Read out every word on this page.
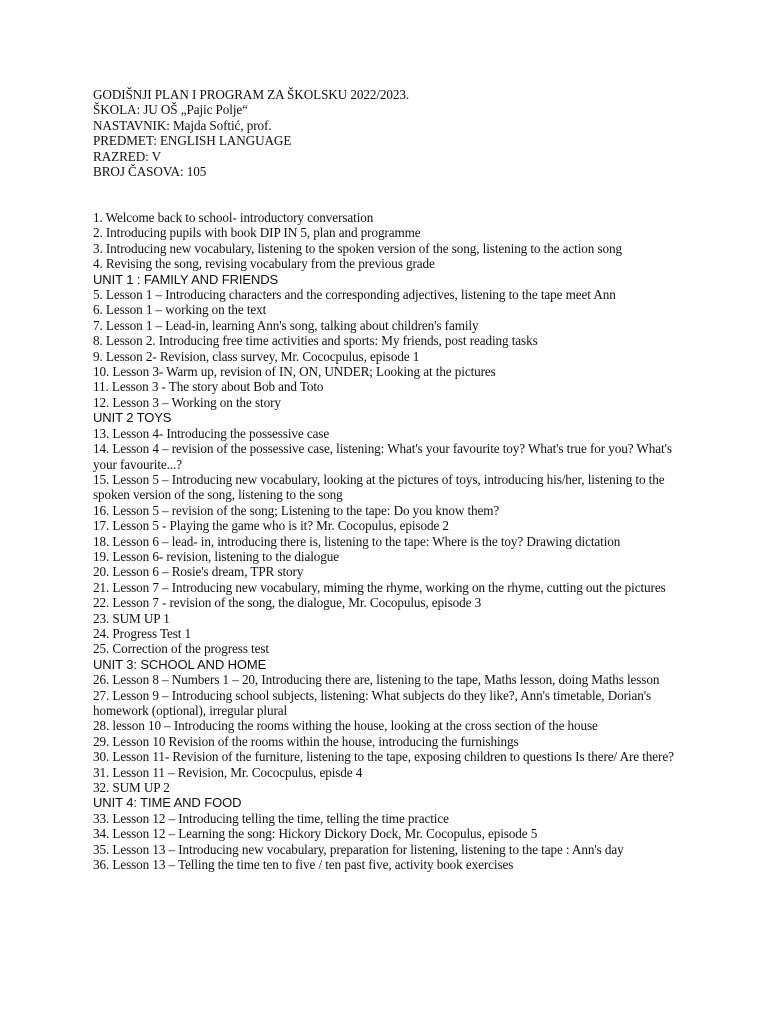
GODIŠNJI PLAN I PROGRAM ZA ŠKOLSKU 2022/2023.
ŠKOLA: JU OŠ „Pajic Polje“
NASTAVNIK: Majda Softić, prof.
PREDMET: ENGLISH LANGUAGE
RAZRED: V
BROJ ČASOVA: 105
1. Welcome back to school- introductory conversation
2. Introducing pupils with book DIP IN 5, plan and programme
3. Introducing new vocabulary, listening to the spoken version of the song, listening to the action song
4. Revising the song, revising vocabulary from the previous grade
UNIT 1 : FAMILY AND FRIENDS
5. Lesson 1 – Introducing characters and the corresponding adjectives, listening to the tape meet Ann
6. Lesson 1 – working on the text
7. Lesson 1 – Lead-in, learning Ann's song, talking about children's family
8. Lesson 2. Introducing free time activities and sports: My friends, post reading tasks
9. Lesson 2- Revision, class survey, Mr. Cococpulus, episode 1
10. Lesson 3- Warm up, revision of IN, ON, UNDER; Looking at the pictures
11. Lesson 3 - The story about Bob and Toto
12. Lesson 3 – Working on the story
UNIT 2 TOYS
13. Lesson 4- Introducing the possessive case
14. Lesson 4 – revision of the possessive case, listening: What's your favourite toy? What's true for you? What's your favourite...?
15. Lesson 5 – Introducing new vocabulary, looking at the pictures of toys, introducing his/her, listening to the spoken version of the song, listening to the song
16. Lesson 5 – revision of the song; Listening to the tape: Do you know them?
17. Lesson 5 - Playing the game who is it? Mr. Cocopulus, episode 2
18. Lesson 6 – lead- in, introducing there is, listening to the tape: Where is the toy? Drawing dictation
19. Lesson 6- revision, listening to the dialogue
20. Lesson 6 – Rosie's dream, TPR story
21. Lesson 7 – Introducing new vocabulary, miming the rhyme, working on the rhyme, cutting out the pictures
22. Lesson 7 - revision of the song, the dialogue, Mr. Cocopulus, episode 3
23. SUM UP 1
24. Progress Test 1
25. Correction of the progress test
UNIT 3: SCHOOL AND HOME
26. Lesson 8 – Numbers 1 – 20, Introducing there are, listening to the tape, Maths lesson, doing Maths lesson
27. Lesson 9 – Introducing school subjects, listening: What subjects do they like?, Ann's timetable, Dorian's homework (optional), irregular plural
28. lesson 10 – Introducing the rooms withing the house, looking at the cross section of the house
29. Lesson 10 Revision of the rooms within the house, introducing the furnishings
30. Lesson 11- Revision of the furniture, listening to the tape, exposing children to questions Is there/ Are there?
31. Lesson 11 – Revision, Mr. Cococpulus, episde 4
32. SUM UP 2
UNIT 4: TIME AND FOOD
33. Lesson 12 – Introducing telling the time, telling the time practice
34. Lesson 12 – Learning the song: Hickory Dickory Dock, Mr. Cocopulus, episode 5
35. Lesson 13 – Introducing new vocabulary, preparation for listening, listening to the tape : Ann's day
36. Lesson 13 – Telling the time ten to five / ten past five, activity book exercises
